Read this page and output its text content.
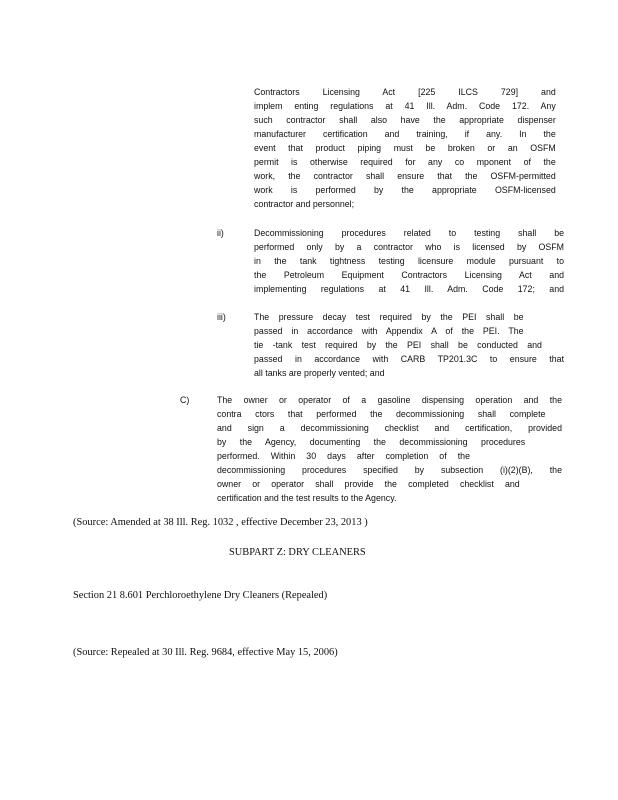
Contractors Licensing Act [225 ILCS 729] and
implem enting regulations at 41 Ill. Adm. Code 172. Any
such contractor shall also have the appropriate dispenser
manufacturer certification and training, if any. In the
event that product piping must be broken or an OSFM
permit is otherwise required for any co mponent of the
work, the contractor shall ensure that the OSFM-permitted
work is performed by the appropriate OSFM-licensed
contractor and personnel;
ii)	Decommissioning procedures related to testing shall be
performed only by a contractor who is licensed by OSFM
in the tank tightness testing licensure module pursuant to
the Petroleum Equipment Contractors Licensing Act and
implementing regulations at 41 Ill. Adm. Code 172; and
iii)	The pressure decay test required by the PEI shall be
passed in accordance with Appendix A of the PEI. The
tie -tank test required by the PEI shall be conducted and
passed in accordance with CARB TP201.3C to ensure that
all tanks are properly vented; and
C)	The owner or operator of a gasoline dispensing operation and the
contra ctors that performed the decommissioning shall complete
and sign a decommissioning checklist and certification, provided
by the Agency, documenting the decommissioning procedures
performed. Within 30 days after completion of the
decommissioning procedures specified by subsection (i)(2)(B), the
owner or operator shall provide the completed checklist and
certification and the test results to the Agency.
(Source: Amended at 38 Ill. Reg. 1032 , effective December 23, 2013 )
SUBPART Z: DRY CLEANERS
Section 21 8.601 Perchloroethylene Dry Cleaners (Repealed)
(Source: Repealed at 30 Ill. Reg. 9684, effective May 15, 2006)
